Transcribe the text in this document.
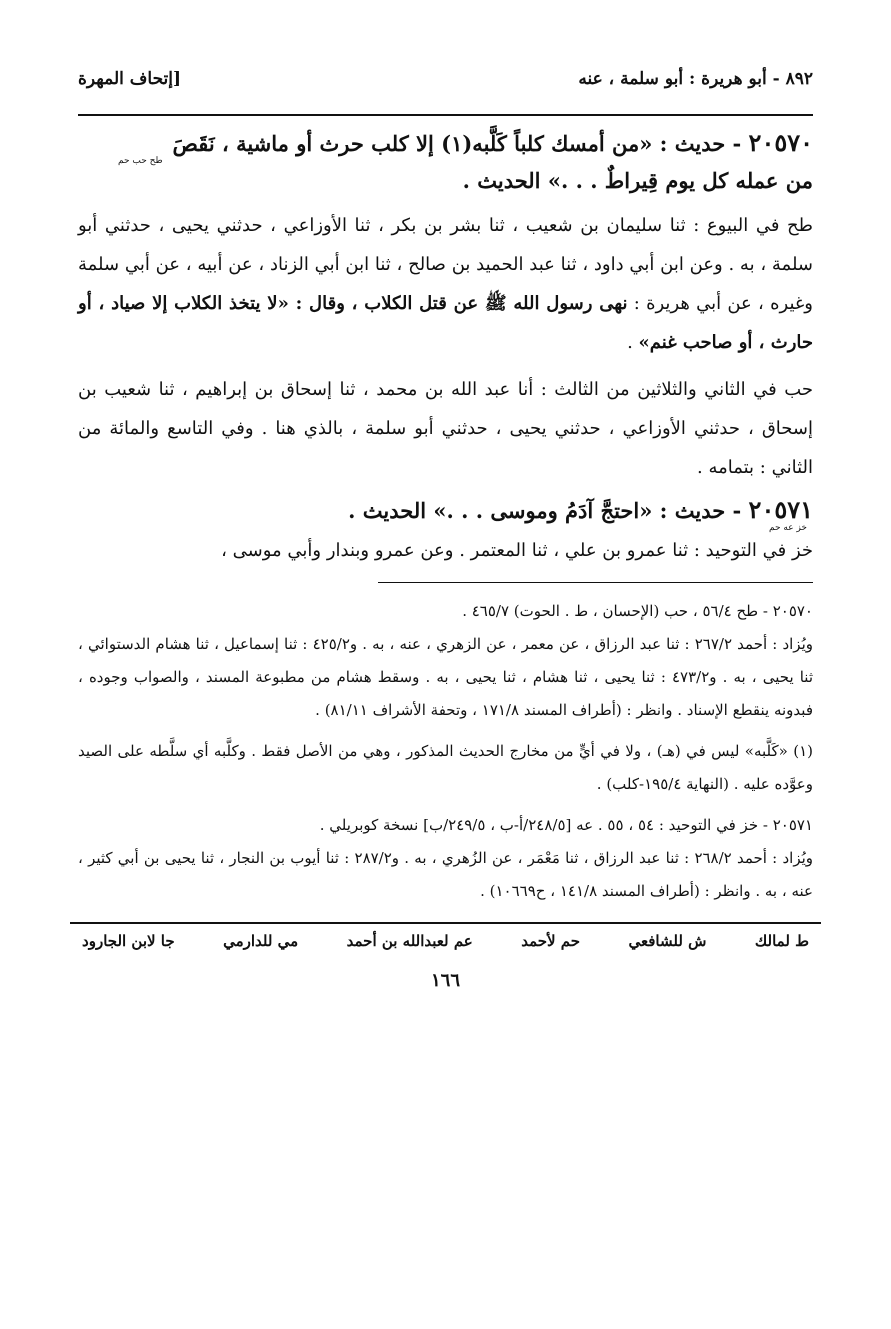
٨٩٢ - أبو هريرة : أبو سلمة ، عنه
[إتحاف المهرة

٢٠٥٧٠ - حديث : «من أمسك كلباً كَلَّبه(١) إلا كلب حرث أو ماشية ، نَقَصَ

طح حب حم

من عمله كل يوم قِيراطٌ . . .» الحديث .

طح في البيوع : ثنا سليمان بن شعيب ، ثنا بشر بن بكر ، ثنا الأوزاعي ، حدثني يحيى ، حدثني أبو سلمة ، به . وعن ابن أبي داود ، ثنا عبد الحميد بن صالح ، ثنا ابن أبي الزناد ، عن أبيه ، عن أبي سلمة وغيره ، عن أبي هريرة : نهى رسول الله ﷺ عن قتل الكلاب ، وقال : «لا يتخذ الكلاب إلا صياد ، أو حارث ، أو صاحب غنم» .

حب في الثاني والثلاثين من الثالث : أنا عبد الله بن محمد ، ثنا إسحاق بن إبراهيم ، ثنا شعيب بن إسحاق ، حدثني الأوزاعي ، حدثني يحيى ، حدثني أبو سلمة ، بالذي هنا . وفي التاسع والمائة من الثاني : بتمامه .

٢٠٥٧١ - حديث : «احتجَّ آدَمُ وموسى . . .» الحديث .

خز عه حم

خز في التوحيد : ثنا عمرو بن علي ، ثنا المعتمر . وعن عمرو وبندار وأبي موسى ،

٢٠٥٧٠ - طح ٥٦/٤ ، حب (الإحسان ، ط . الحوت) ٤٦٥/٧ .

ويُزاد : أحمد ٢٦٧/٢ : ثنا عبد الرزاق ، عن معمر ، عن الزهري ، عنه ، به . و٤٢٥/٢ : ثنا إسماعيل ، ثنا هشام الدستوائي ، ثنا يحيى ، به . و٤٧٣/٢ : ثنا يحيى ، ثنا هشام ، ثنا يحيى ، به . وسقط هشام من مطبوعة المسند ، والصواب وجوده ، فبدونه ينقطع الإسناد . وانظر : (أطراف المسند ١٧١/٨ ، وتحفة الأشراف ٨١/١١) .

(١) «كَلَّبه» ليس في (هـ) ، ولا في أيٍّ من مخارج الحديث المذكور ، وهي من الأصل فقط . وكلَّبه أي سلَّطه على الصيد وعوَّده عليه . (النهاية ١٩٥/٤-كلب) .

٢٠٥٧١ - خز في التوحيد : ٥٤ ، ٥٥ . عه [٢٤٨/٥/أ-ب ، ٢٤٩/٥/ب] نسخة كوبريلي .

ويُزاد : أحمد ٢٦٨/٢ : ثنا عبد الرزاق ، ثنا مَعْمَر ، عن الزُهري ، به . و٢٨٧/٢ : ثنا أيوب بن النجار ، ثنا يحيى بن أبي كثير ، عنه ، به . وانظر : (أطراف المسند ١٤١/٨ ، ح١٠٦٦٩) .

ط لمالك
ش للشافعي
حم لأحمد
عم لعبدالله بن أحمد
مي للدارمي
جا لابن الجارود
١٦٦
